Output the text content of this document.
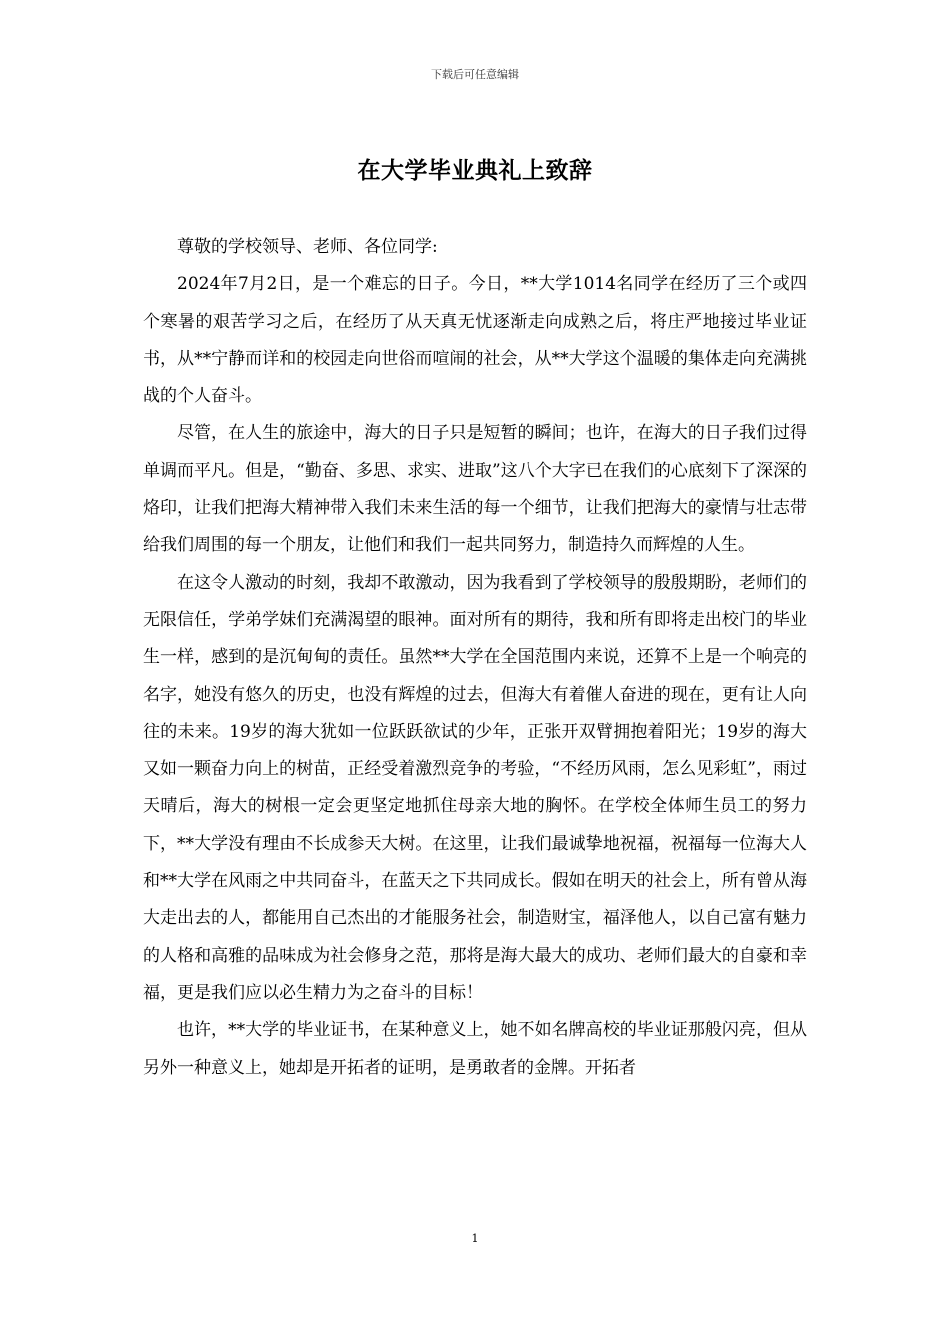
下载后可任意编辑
在大学毕业典礼上致辞

尊敬的学校领导、老师、各位同学:

2024年7月2日，是一个难忘的日子。今日，**大学1014名同学在经历了三个或四个寒暑的艰苦学习之后，在经历了从天真无忧逐渐走向成熟之后，将庄严地接过毕业证书，从**宁静而详和的校园走向世俗而喧闹的社会，从**大学这个温暖的集体走向充满挑战的个人奋斗。

尽管，在人生的旅途中，海大的日子只是短暂的瞬间；也许，在海大的日子我们过得单调而平凡。但是，“勤奋、多思、求实、进取”这八个大字已在我们的心底刻下了深深的烙印，让我们把海大精神带入我们未来生活的每一个细节，让我们把海大的豪情与壮志带给我们周围的每一个朋友，让他们和我们一起共同努力，制造持久而辉煌的人生。

在这令人激动的时刻，我却不敢激动，因为我看到了学校领导的殷殷期盼，老师们的无限信任，学弟学妹们充满渴望的眼神。面对所有的期待，我和所有即将走出校门的毕业生一样，感到的是沉甸甸的责任。虽然**大学在全国范围内来说，还算不上是一个响亮的名字，她没有悠久的历史，也没有辉煌的过去，但海大有着催人奋进的现在，更有让人向往的未来。19岁的海大犹如一位跃跃欲试的少年，正张开双臂拥抱着阳光；19岁的海大又如一颗奋力向上的树苗，正经受着激烈竞争的考验，“不经历风雨，怎么见彩虹”，雨过天晴后，海大的树根一定会更坚定地抓住母亲大地的胸怀。在学校全体师生员工的努力下，**大学没有理由不长成参天大树。在这里，让我们最诚挚地祝福，祝福每一位海大人和**大学在风雨之中共同奋斗，在蓝天之下共同成长。假如在明天的社会上，所有曾从海大走出去的人，都能用自己杰出的才能服务社会，制造财宝，福泽他人，以自己富有魅力的人格和高雅的品味成为社会修身之范，那将是海大最大的成功、老师们最大的自豪和幸福，更是我们应以必生精力为之奋斗的目标！

也许，**大学的毕业证书，在某种意义上，她不如名牌高校的毕业证那般闪亮，但从另外一种意义上，她却是开拓者的证明，是勇敢者的金牌。开拓者

1
